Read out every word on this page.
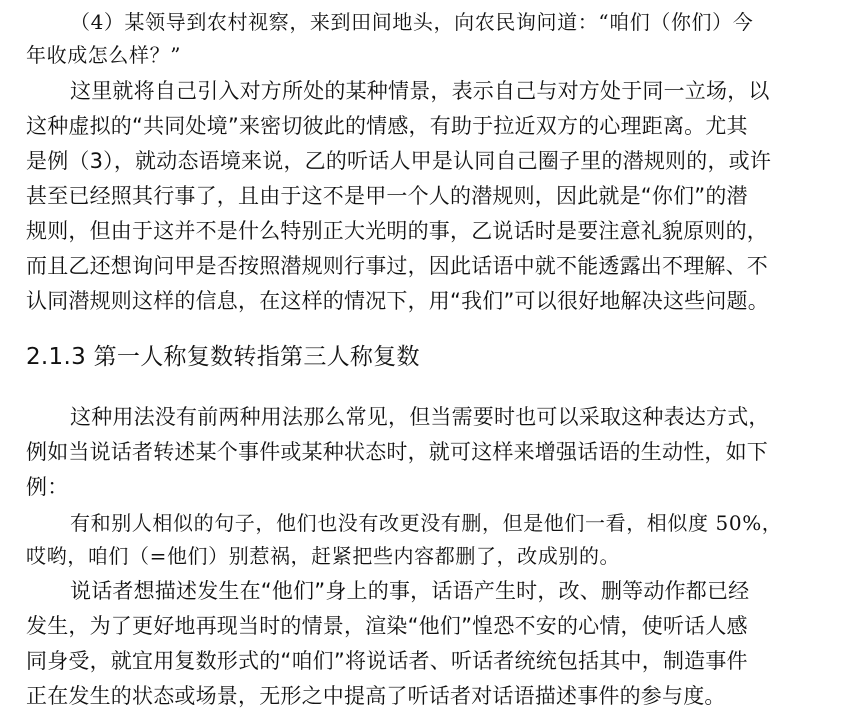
（4）某领导到农村视察，来到田间地头，向农民询问道：“咱们（你们）今
年收成怎么样？”
这里就将自己引入对方所处的某种情景，表示自己与对方处于同一立场，以
这种虚拟的“共同处境”来密切彼此的情感，有助于拉近双方的心理距离。尤其
是例（3），就动态语境来说，乙的听话人甲是认同自己圈子里的潜规则的，或许
甚至已经照其行事了，且由于这不是甲一个人的潜规则，因此就是“你们”的潜
规则，但由于这并不是什么特别正大光明的事，乙说话时是要注意礼貌原则的，
而且乙还想询问甲是否按照潜规则行事过，因此话语中就不能透露出不理解、不
认同潜规则这样的信息，在这样的情况下，用“我们”可以很好地解决这些问题。
2.1.3 第一人称复数转指第三人称复数
这种用法没有前两种用法那么常见，但当需要时也可以采取这种表达方式，
例如当说话者转述某个事件或某种状态时，就可这样来增强话语的生动性，如下
例：
有和别人相似的句子，他们也没有改更没有删，但是他们一看，相似度 50%，
哎哟，咱们（=他们）别惹祸，赶紧把些内容都删了，改成别的。
说话者想描述发生在“他们”身上的事，话语产生时，改、删等动作都已经
发生，为了更好地再现当时的情景，渲染“他们”惶恐不安的心情，使听话人感
同身受，就宜用复数形式的“咱们”将说话者、听话者统统包括其中，制造事件
正在发生的状态或场景，无形之中提高了听话者对话语描述事件的参与度。
